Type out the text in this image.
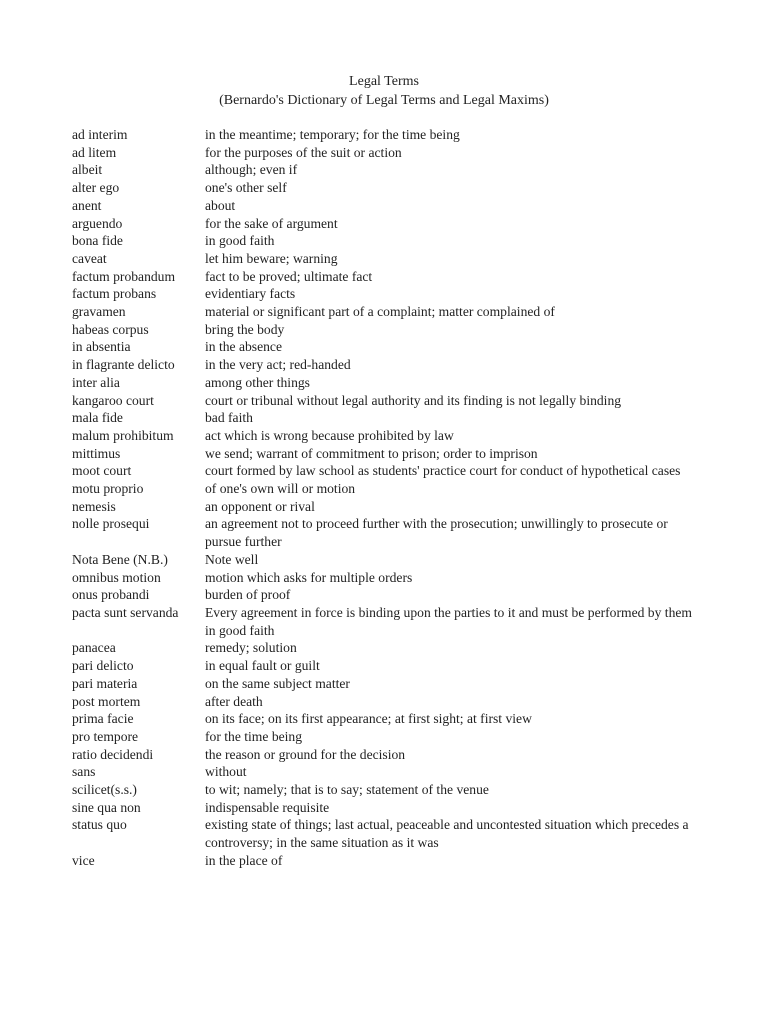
Legal Terms
(Bernardo's Dictionary of Legal Terms and Legal Maxims)
ad interim	in the meantime; temporary; for the time being
ad litem	for the purposes of the suit or action
albeit	although; even if
alter ego	one's other self
anent	about
arguendo	for the sake of argument
bona fide	in good faith
caveat	let him beware; warning
factum probandum	fact to be proved; ultimate fact
factum probans	evidentiary facts
gravamen	material or significant part of a complaint; matter complained of
habeas corpus	bring the body
in absentia	in the absence
in flagrante delicto	in the very act; red-handed
inter alia	among other things
kangaroo court	court or tribunal without legal authority and its finding is not legally binding
mala fide	bad faith
malum prohibitum	act which is wrong because prohibited by law
mittimus	we send; warrant of commitment to prison; order to imprison
moot court	court formed by law school as students' practice court for conduct of hypothetical cases
motu proprio	of one's own will or motion
nemesis	an opponent or rival
nolle prosequi	an agreement not to proceed further with the prosecution; unwillingly to prosecute or pursue further
Nota Bene (N.B.)	Note well
omnibus motion	motion which asks for multiple orders
onus probandi	burden of proof
pacta sunt servanda	Every agreement in force is binding upon the parties to it and must be performed by them in good faith
panacea	remedy; solution
pari delicto	in equal fault or guilt
pari materia	on the same subject matter
post mortem	after death
prima facie	on its face; on its first appearance; at first sight; at first view
pro tempore	for the time being
ratio decidendi	the reason or ground for the decision
sans	without
scilicet(s.s.)	to wit; namely; that is to say; statement of the venue
sine qua non	indispensable requisite
status quo	existing state of things; last actual, peaceable and uncontested situation which precedes a controversy; in the same situation as it was
vice	in the place of
